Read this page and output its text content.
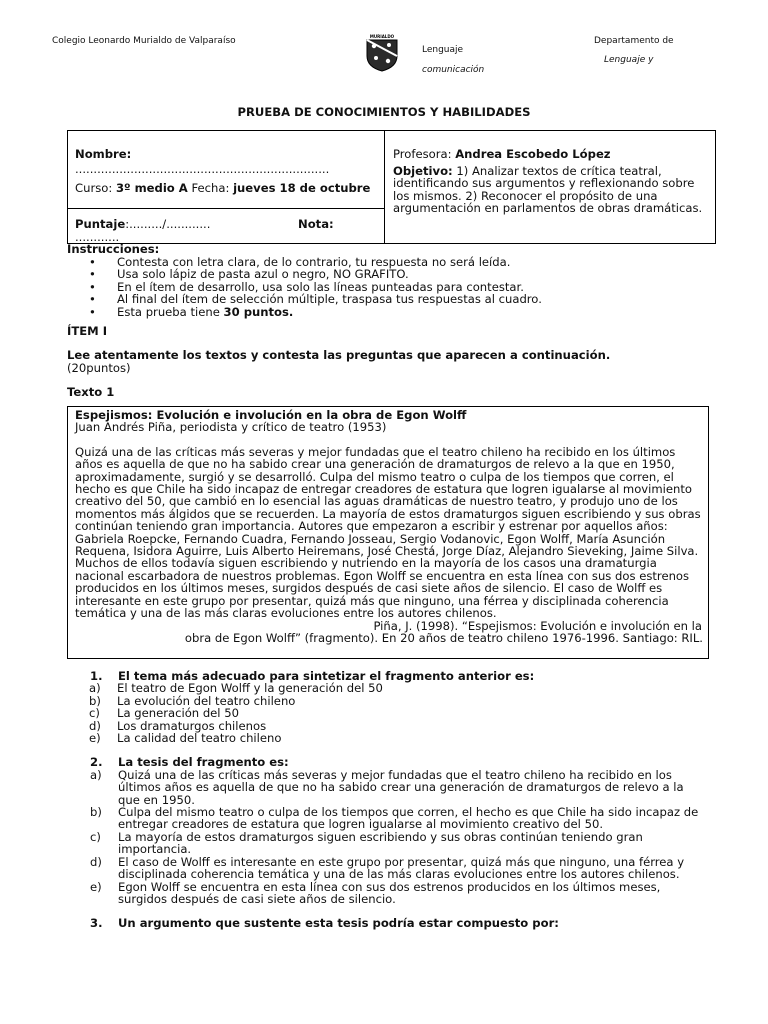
Colegio Leonardo Murialdo de Valparaíso	MURIALDO
Lenguaje
comunicación
Departamento de
Lenguaje y
PRUEBA DE CONOCIMIENTOS Y HABILIDADES
Nombre:
.....................................................................
Curso: 3º medio A Fecha: jueves 18 de octubre
Puntaje:........./............	Nota:
............
Profesora: Andrea Escobedo López
Objetivo: 1) Analizar textos de crítica teatral, identificando sus argumentos y reflexionando sobre los mismos. 2) Reconocer el propósito de una argumentación en parlamentos de obras dramáticas.
Instrucciones:
• Contesta con letra clara, de lo contrario, tu respuesta no será leída.
• Usa solo lápiz de pasta azul o negro, NO GRAFITO.
• En el ítem de desarrollo, usa solo las líneas punteadas para contestar.
• Al final del ítem de selección múltiple, traspasa tus respuestas al cuadro.
• Esta prueba tiene 30 puntos.
ÍTEM I
Lee atentamente los textos y contesta las preguntas que aparecen a continuación.
(20puntos)
Texto 1

Espejismos: Evolución e involución en la obra de Egon Wolff

Juan Andrés Piña, periodista y crítico de teatro (1953)

Quizá una de las críticas más severas y mejor fundadas que el teatro chileno ha recibido en los últimos años es aquella de que no ha sabido crear una generación de dramaturgos de relevo a la que en 1950, aproximadamente, surgió y se desarrolló. Culpa del mismo teatro o culpa de los tiempos que corren, el hecho es que Chile ha sido incapaz de entregar creadores de estatura que logren igualarse al movimiento creativo del 50, que cambió en lo esencial las aguas dramáticas de nuestro teatro, y produjo uno de los momentos más álgidos que se recuerden. La mayoría de estos dramaturgos siguen escribiendo y sus obras continúan teniendo gran importancia. Autores que empezaron a escribir y estrenar por aquellos años: Gabriela Roepcke, Fernando Cuadra, Fernando Josseau, Sergio Vodanovic, Egon Wolff, María Asunción Requena, Isidora Aguirre, Luis Alberto Heiremans, José Chestá, Jorge Díaz, Alejandro Sieveking, Jaime Silva. Muchos de ellos todavía siguen escribiendo y nutriendo en la mayoría de los casos una dramaturgia nacional escarbadora de nuestros problemas. Egon Wolff se encuentra en esta línea con sus dos estrenos producidos en los últimos meses, surgidos después de casi siete años de silencio. El caso de Wolff es interesante en este grupo por presentar, quizá más que ninguno, una férrea y disciplinada coherencia temática y una de las más claras evoluciones entre los autores chilenos.

Piña, J. (1998). “Espejismos: Evolución e involución en la

obra de Egon Wolff” (fragmento). En 20 años de teatro chileno 1976-1996. Santiago: RIL.

1. El tema más adecuado para sintetizar el fragmento anterior es:
a) El teatro de Egon Wolff y la generación del 50
b) La evolución del teatro chileno
c) La generación del 50
d) Los dramaturgos chilenos
e) La calidad del teatro chileno
2. La tesis del fragmento es:
a) Quizá una de las críticas más severas y mejor fundadas que el teatro chileno ha recibido en los últimos años es aquella de que no ha sabido crear una generación de dramaturgos de relevo a la que en 1950.
b) Culpa del mismo teatro o culpa de los tiempos que corren, el hecho es que Chile ha sido incapaz de entregar creadores de estatura que logren igualarse al movimiento creativo del 50.
c) La mayoría de estos dramaturgos siguen escribiendo y sus obras continúan teniendo gran importancia.
d) El caso de Wolff es interesante en este grupo por presentar, quizá más que ninguno, una férrea y disciplinada coherencia temática y una de las más claras evoluciones entre los autores chilenos.
e) Egon Wolff se encuentra en esta línea con sus dos estrenos producidos en los últimos meses, surgidos después de casi siete años de silencio.
3. Un argumento que sustente esta tesis podría estar compuesto por:
